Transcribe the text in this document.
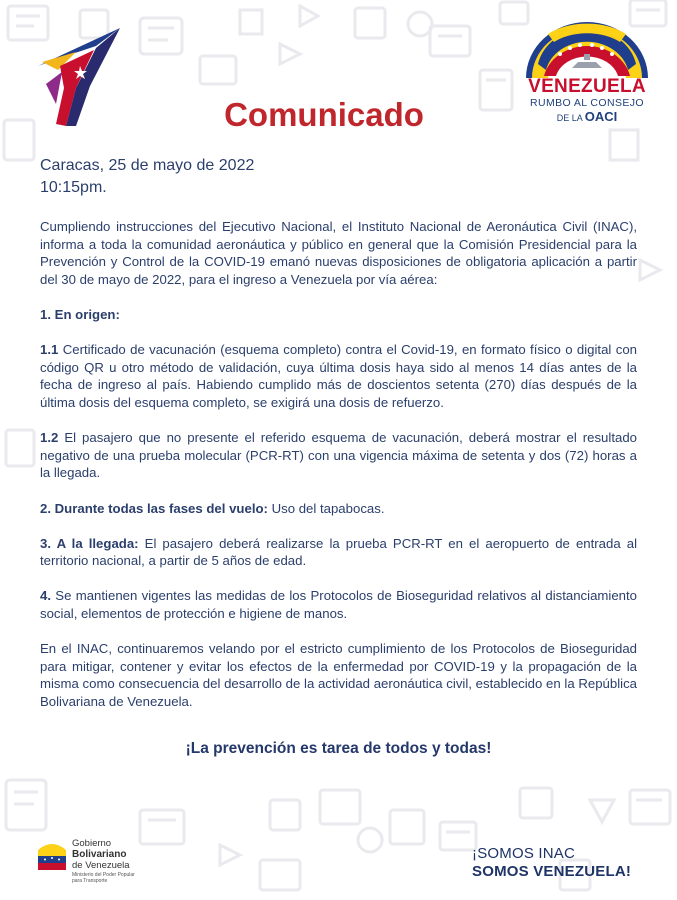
VENEZUELA
RUMBO AL CONSEJO
DE LA OACI
Comunicado
Caracas, 25 de mayo de 2022
10:15pm.

Cumpliendo instrucciones del Ejecutivo Nacional, el Instituto Nacional de Aeronáutica Civil (INAC), informa a toda la comunidad aeronáutica y público en general que la Comisión Presidencial para la Prevención y Control de la COVID-19 emanó nuevas disposiciones de obligatoria aplicación a partir del 30 de mayo de 2022, para el ingreso a Venezuela por vía aérea:

1. En origen:

1.1 Certificado de vacunación (esquema completo) contra el Covid-19, en formato físico o digital con código QR u otro método de validación, cuya última dosis haya sido al menos 14 días antes de la fecha de ingreso al país. Habiendo cumplido más de doscientos setenta (270) días después de la última dosis del esquema completo, se exigirá una dosis de refuerzo.

1.2 El pasajero que no presente el referido esquema de vacunación, deberá mostrar el resultado negativo de una prueba molecular (PCR-RT) con una vigencia máxima de setenta y dos (72) horas a la llegada.

2. Durante todas las fases del vuelo: Uso del tapabocas.

3. A la llegada: El pasajero deberá realizarse la prueba PCR-RT en el aeropuerto de entrada al territorio nacional, a partir de 5 años de edad.

4. Se mantienen vigentes las medidas de los Protocolos de Bioseguridad relativos al distanciamiento social, elementos de protección e higiene de manos.

En el INAC, continuaremos velando por el estricto cumplimiento de los Protocolos de Bioseguridad para mitigar, contener y evitar los efectos de la enfermedad por COVID-19 y la propagación de la misma como consecuencia del desarrollo de la actividad aeronáutica civil, establecido en la República Bolivariana de Venezuela.

¡La prevención es tarea de todos y todas!
Gobierno
Bolivariano
de Venezuela
Ministerio del Poder Popular
para Transporte
¡SOMOS INAC
SOMOS VENEZUELA!
